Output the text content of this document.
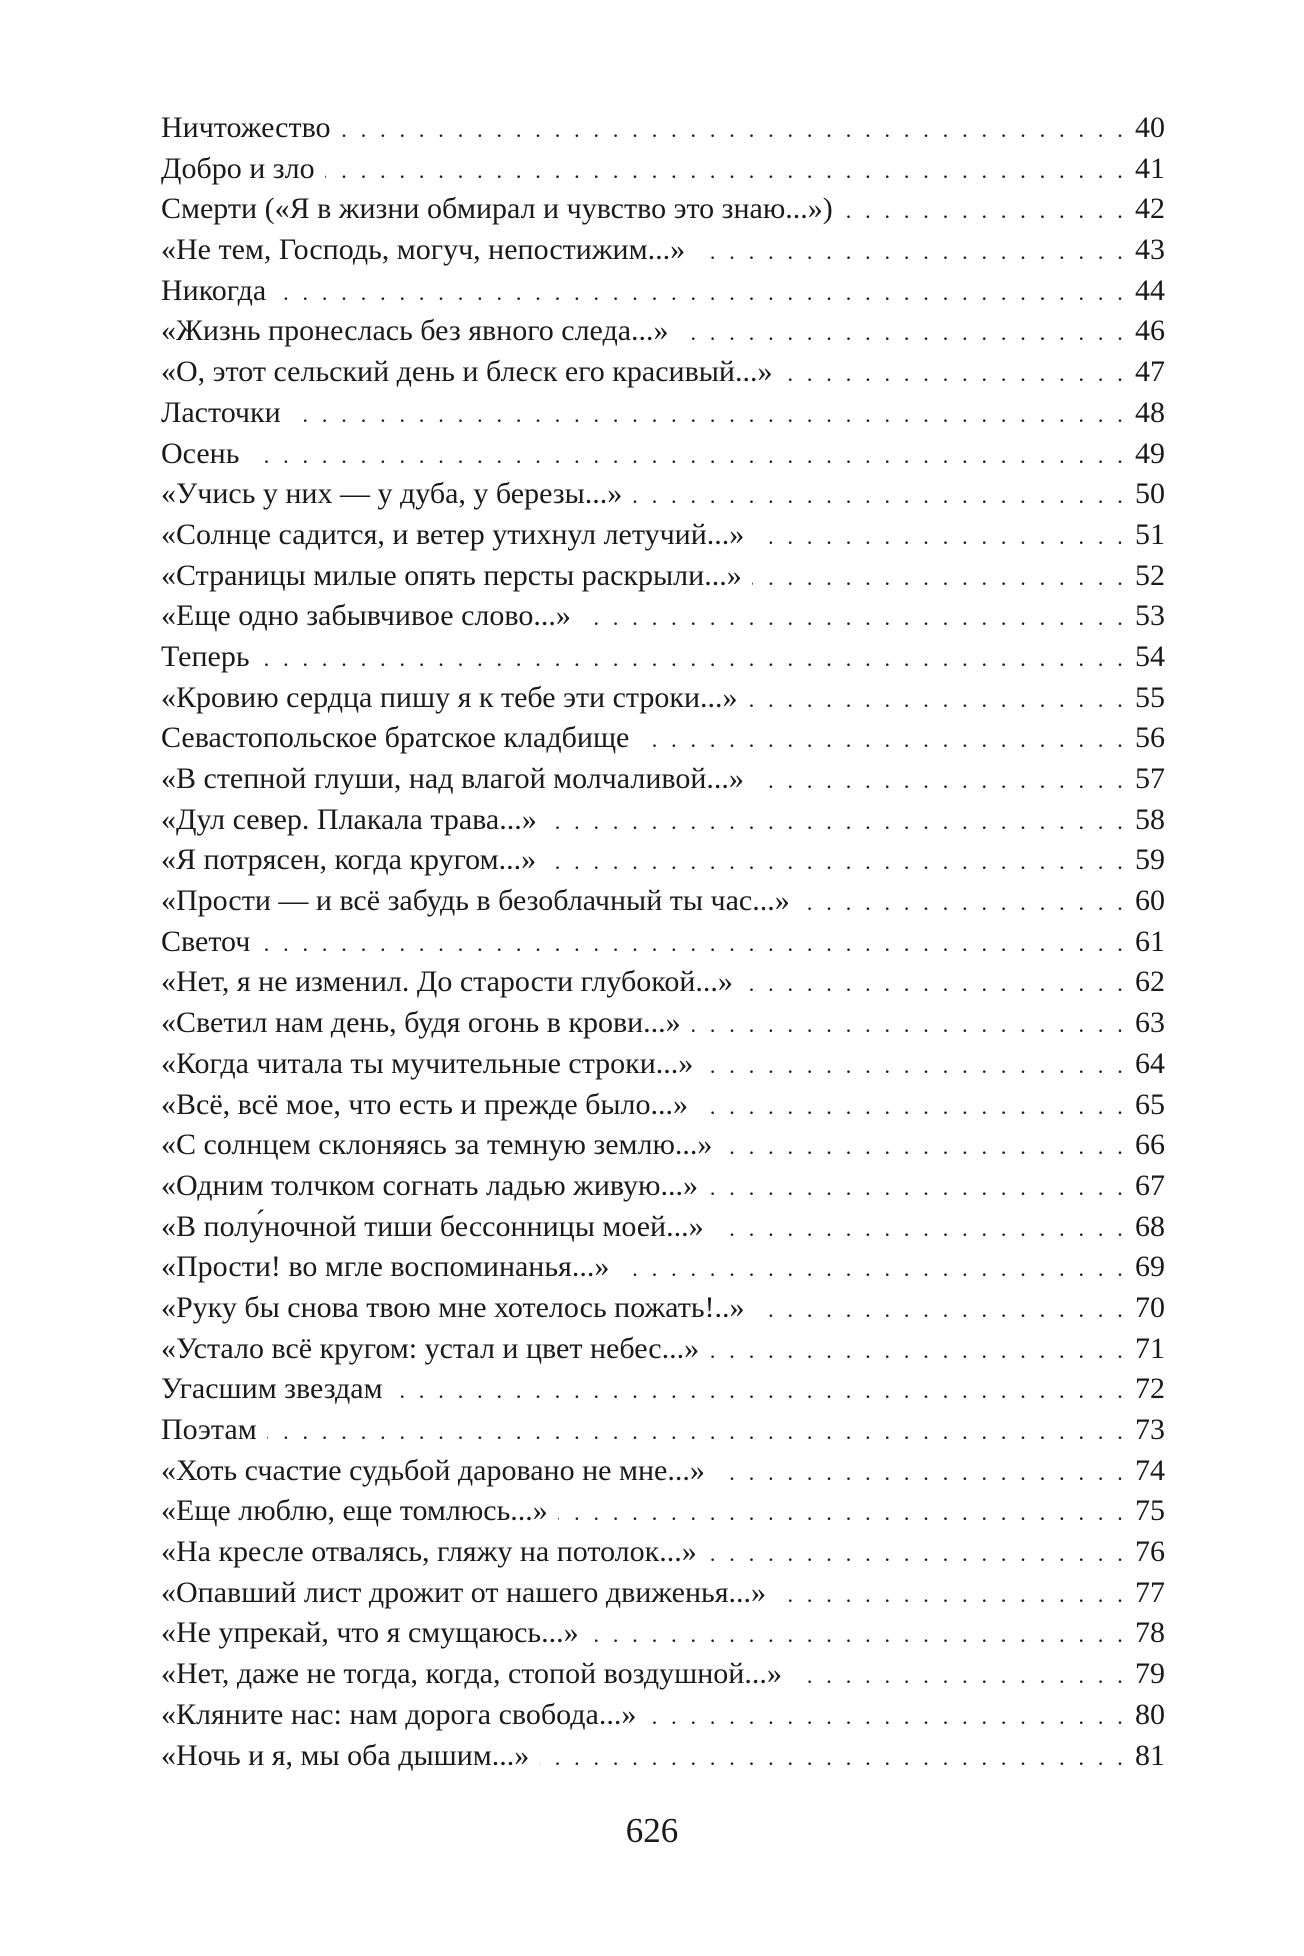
Ничтожество . . .	40
Добро и зло . . .	41
Смерти («Я в жизни обмирал и чувство это знаю...») . . .	42
«Не тем, Господь, могуч, непостижим...» . . .	43
Никогда . . .	44
«Жизнь пронеслась без явного следа...» . . .	46
«О, этот сельский день и блеск его красивый...» . . .	47
Ласточки . . .	48
Осень . . .	49
«Учись у них — у дуба, у березы...» . . .	50
«Солнце садится, и ветер утихнул летучий...» . . .	51
«Страницы милые опять персты раскрыли...» . . .	52
«Еще одно забывчивое слово...» . . .	53
Теперь . . .	54
«Кровию сердца пишу я к тебе эти строки...» . . .	55
Севастопольское братское кладбище . . .	56
«В степной глуши, над влагой молчаливой...» . . .	57
«Дул север. Плакала трава...» . . .	58
«Я потрясен, когда кругом...» . . .	59
«Прости — и всё забудь в безоблачный ты час...» . . .	60
Светоч . . .	61
«Нет, я не изменил. До старости глубокой...» . . .	62
«Светил нам день, будя огонь в крови...» . . .	63
«Когда читала ты мучительные строки...» . . .	64
«Всё, всё мое, что есть и прежде было...» . . .	65
«С солнцем склоняясь за темную землю...» . . .	66
«Одним толчком согнать ладью живую...» . . .	67
«В полу́ночной тиши бессонницы моей...» . . .	68
«Прости! во мгле воспоминанья...» . . .	69
«Руку бы снова твою мне хотелось пожать!..» . . .	70
«Устало всё кругом: устал и цвет небес...» . . .	71
Угасшим звездам . . .	72
Поэтам . . .	73
«Хоть счастие судьбой даровано не мне...» . . .	74
«Еще люблю, еще томлюсь...» . . .	75
«На кресле отвалясь, гляжу на потолок...» . . .	76
«Опавший лист дрожит от нашего движенья...» . . .	77
«Не упрекай, что я смущаюсь...» . . .	78
«Нет, даже не тогда, когда, стопой воздушной...» . . .	79
«Кляните нас: нам дорога свобода...» . . .	80
«Ночь и я, мы оба дышим...» . . .	81
626
